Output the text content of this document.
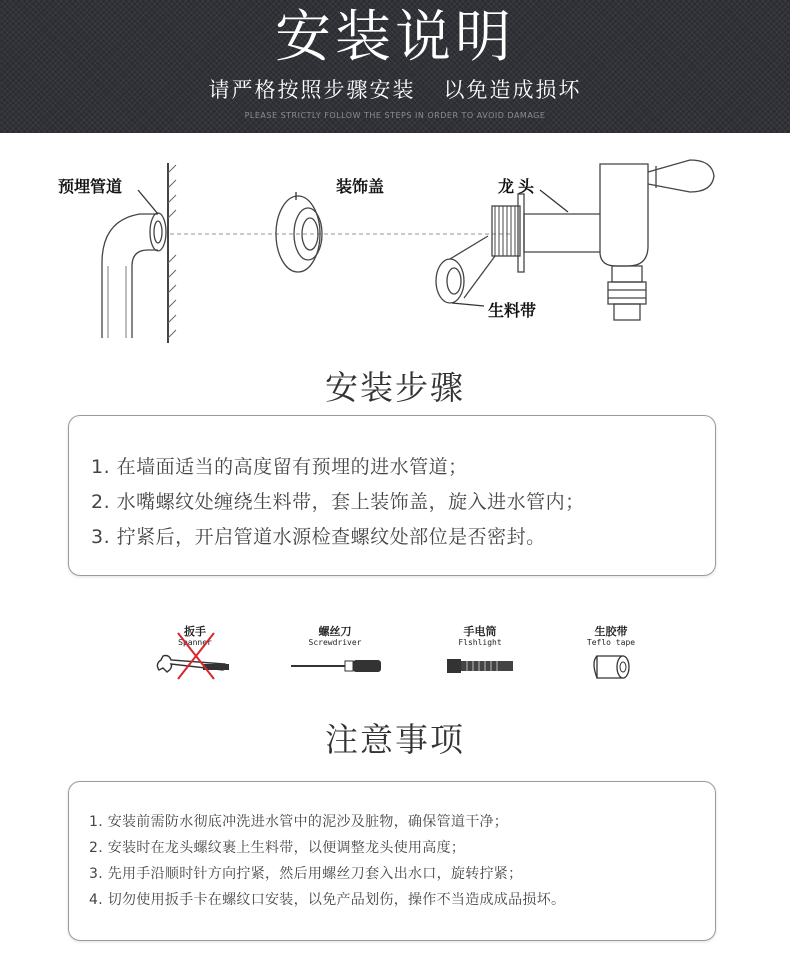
安装说明
请严格按照步骤安装 以免造成损坏
PLEASE STRICTLY FOLLOW THE STEPS IN ORDER TO AVOID DAMAGE
预埋管道	装饰盖	龙头
生料带
安装步骤
1. 在墙面适当的高度留有预埋的进水管道；
2. 水嘴螺纹处缠绕生料带，套上装饰盖，旋入进水管内；
3. 拧紧后，开启管道水源检查螺纹处部位是否密封。
扳手
Spanner
螺丝刀
Screwdriver
手电筒
Flshlight
生胶带
Teflo tape
注意事项
1. 安装前需防水彻底冲洗进水管中的泥沙及脏物，确保管道干净；
2. 安装时在龙头螺纹裹上生料带，以便调整龙头使用高度；
3. 先用手沿顺时针方向拧紧，然后用螺丝刀套入出水口，旋转拧紧；
4. 切勿使用扳手卡在螺纹口安装，以免产品划伤，操作不当造成成品损坏。
